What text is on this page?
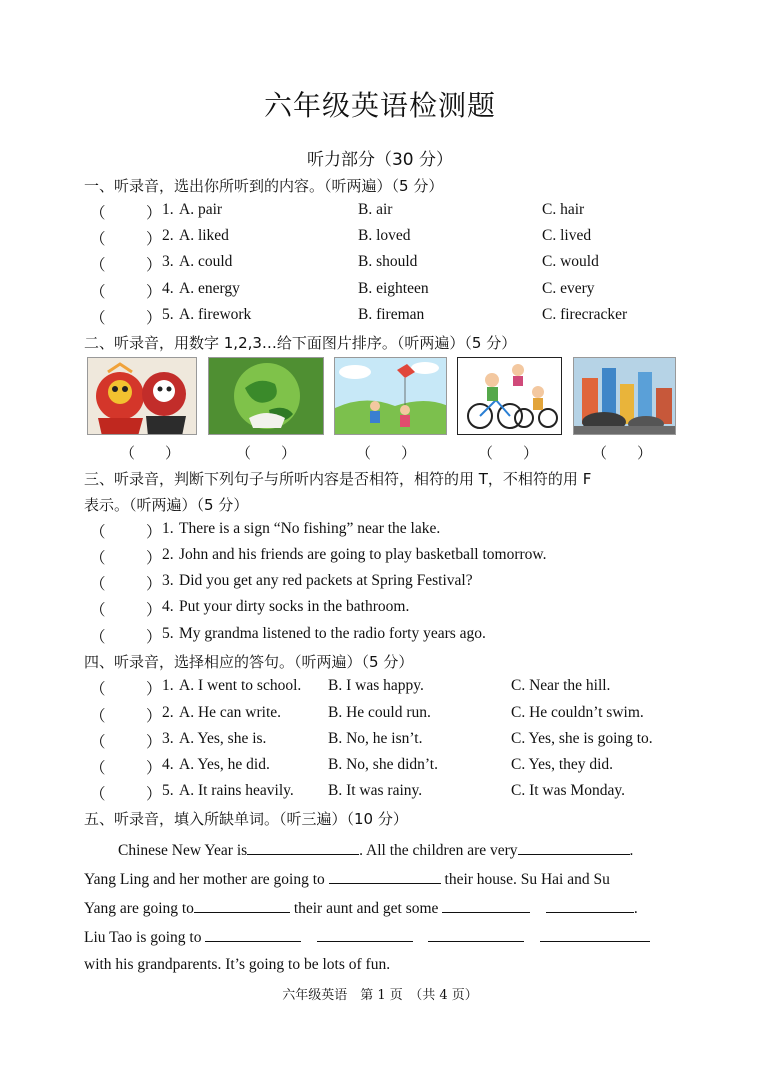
六年级英语检测题
听力部分（30 分）
一、听录音，选出你所听到的内容。（听两遍）（5 分）
（	） 1. A. pair	B. air	C. hair
（	） 2. A. liked	B. loved	C. lived
（	） 3. A. could	B. should	C. would
（	） 4. A. energy	B. eighteen	C. every
（	） 5. A. firework	B. fireman	C. firecracker
二、听录音，用数字 1,2,3…给下面图片排序。（听两遍）（5 分）
（　　）	（　　）	（　　）	（　　）	（　　）
三、听录音，判断下列句子与所听内容是否相符，相符的用 T，不相符的用 F
表示。（听两遍）（5 分）
（	） 1. There is a sign “No fishing” near the lake.
（	） 2. John and his friends are going to play basketball tomorrow.
（	） 3. Did you get any red packets at Spring Festival?
（	） 4. Put your dirty socks in the bathroom.
（	） 5. My grandma listened to the radio forty years ago.
四、听录音，选择相应的答句。（听两遍）（5 分）
（	） 1. A. I went to school. B. I was happy.	C. Near the hill.
（	） 2. A. He can write.	B. He could run.	C. He couldn’t swim.
（	） 3. A. Yes, she is.	B. No, he isn’t.	C. Yes, she is going to.
（	） 4. A. Yes, he did.	B. No, she didn’t.	C. Yes, they did.
（	） 5. A. It rains heavily. B. It was rainy.	C. It was Monday.
五、听录音，填入所缺单词。（听三遍）（10 分）
Chinese New Year is	. All the children are very	.
Yang Ling and her mother are going to	their house. Su Hai and Su
Yang are going to	their aunt and get some	.
Liu Tao is going to
with his grandparents. It’s going to be lots of fun.
六年级英语　第 1 页　（共 4 页）
